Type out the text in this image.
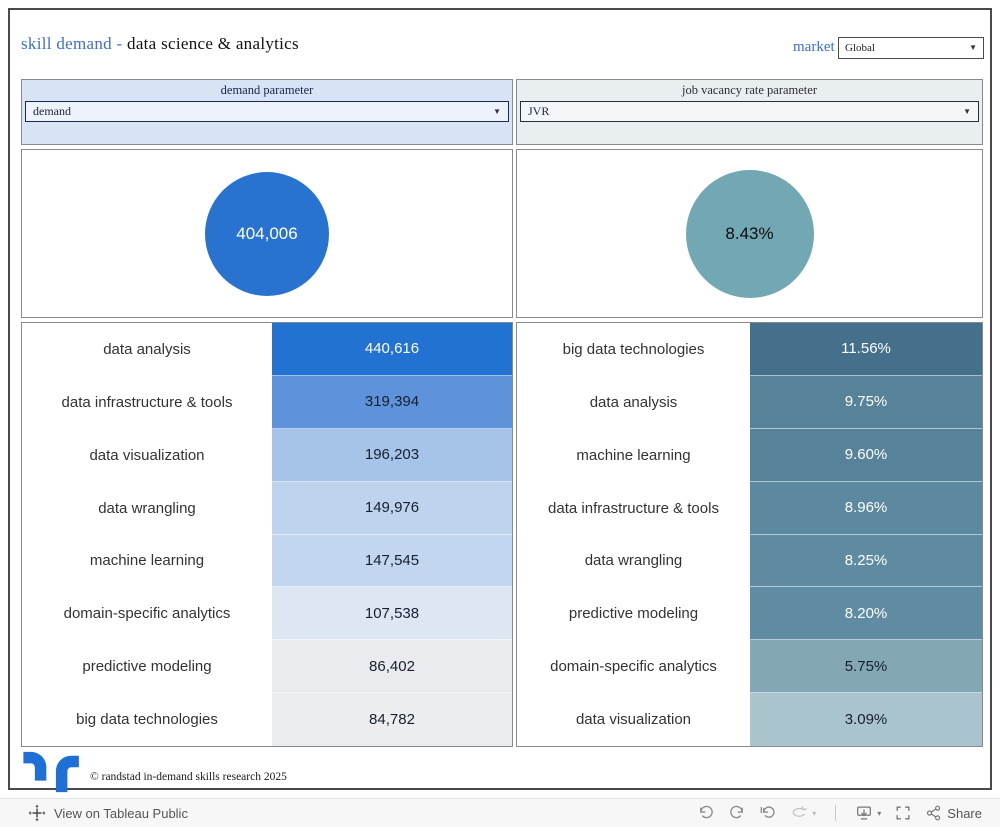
skill demand - data science & analytics	market Global	▼
demand parameter
demand	▼
job vacancy rate parameter
JVR	▼
404,006	8.43%
data analysis	440,616
data infrastructure & tools	319,394
data visualization	196,203
data wrangling	149,976
machine learning	147,545
domain-specific analytics	107,538
predictive modeling	86,402
big data technologies	84,782
big data technologies	11.56%
data analysis	9.75%
machine learning	9.60%
data infrastructure & tools	8.96%
data wrangling	8.25%
predictive modeling	8.20%
domain-specific analytics	5.75%
data visualization	3.09%
© randstad in-demand skills research 2025
View on Tableau Public	▾	▾	Share
